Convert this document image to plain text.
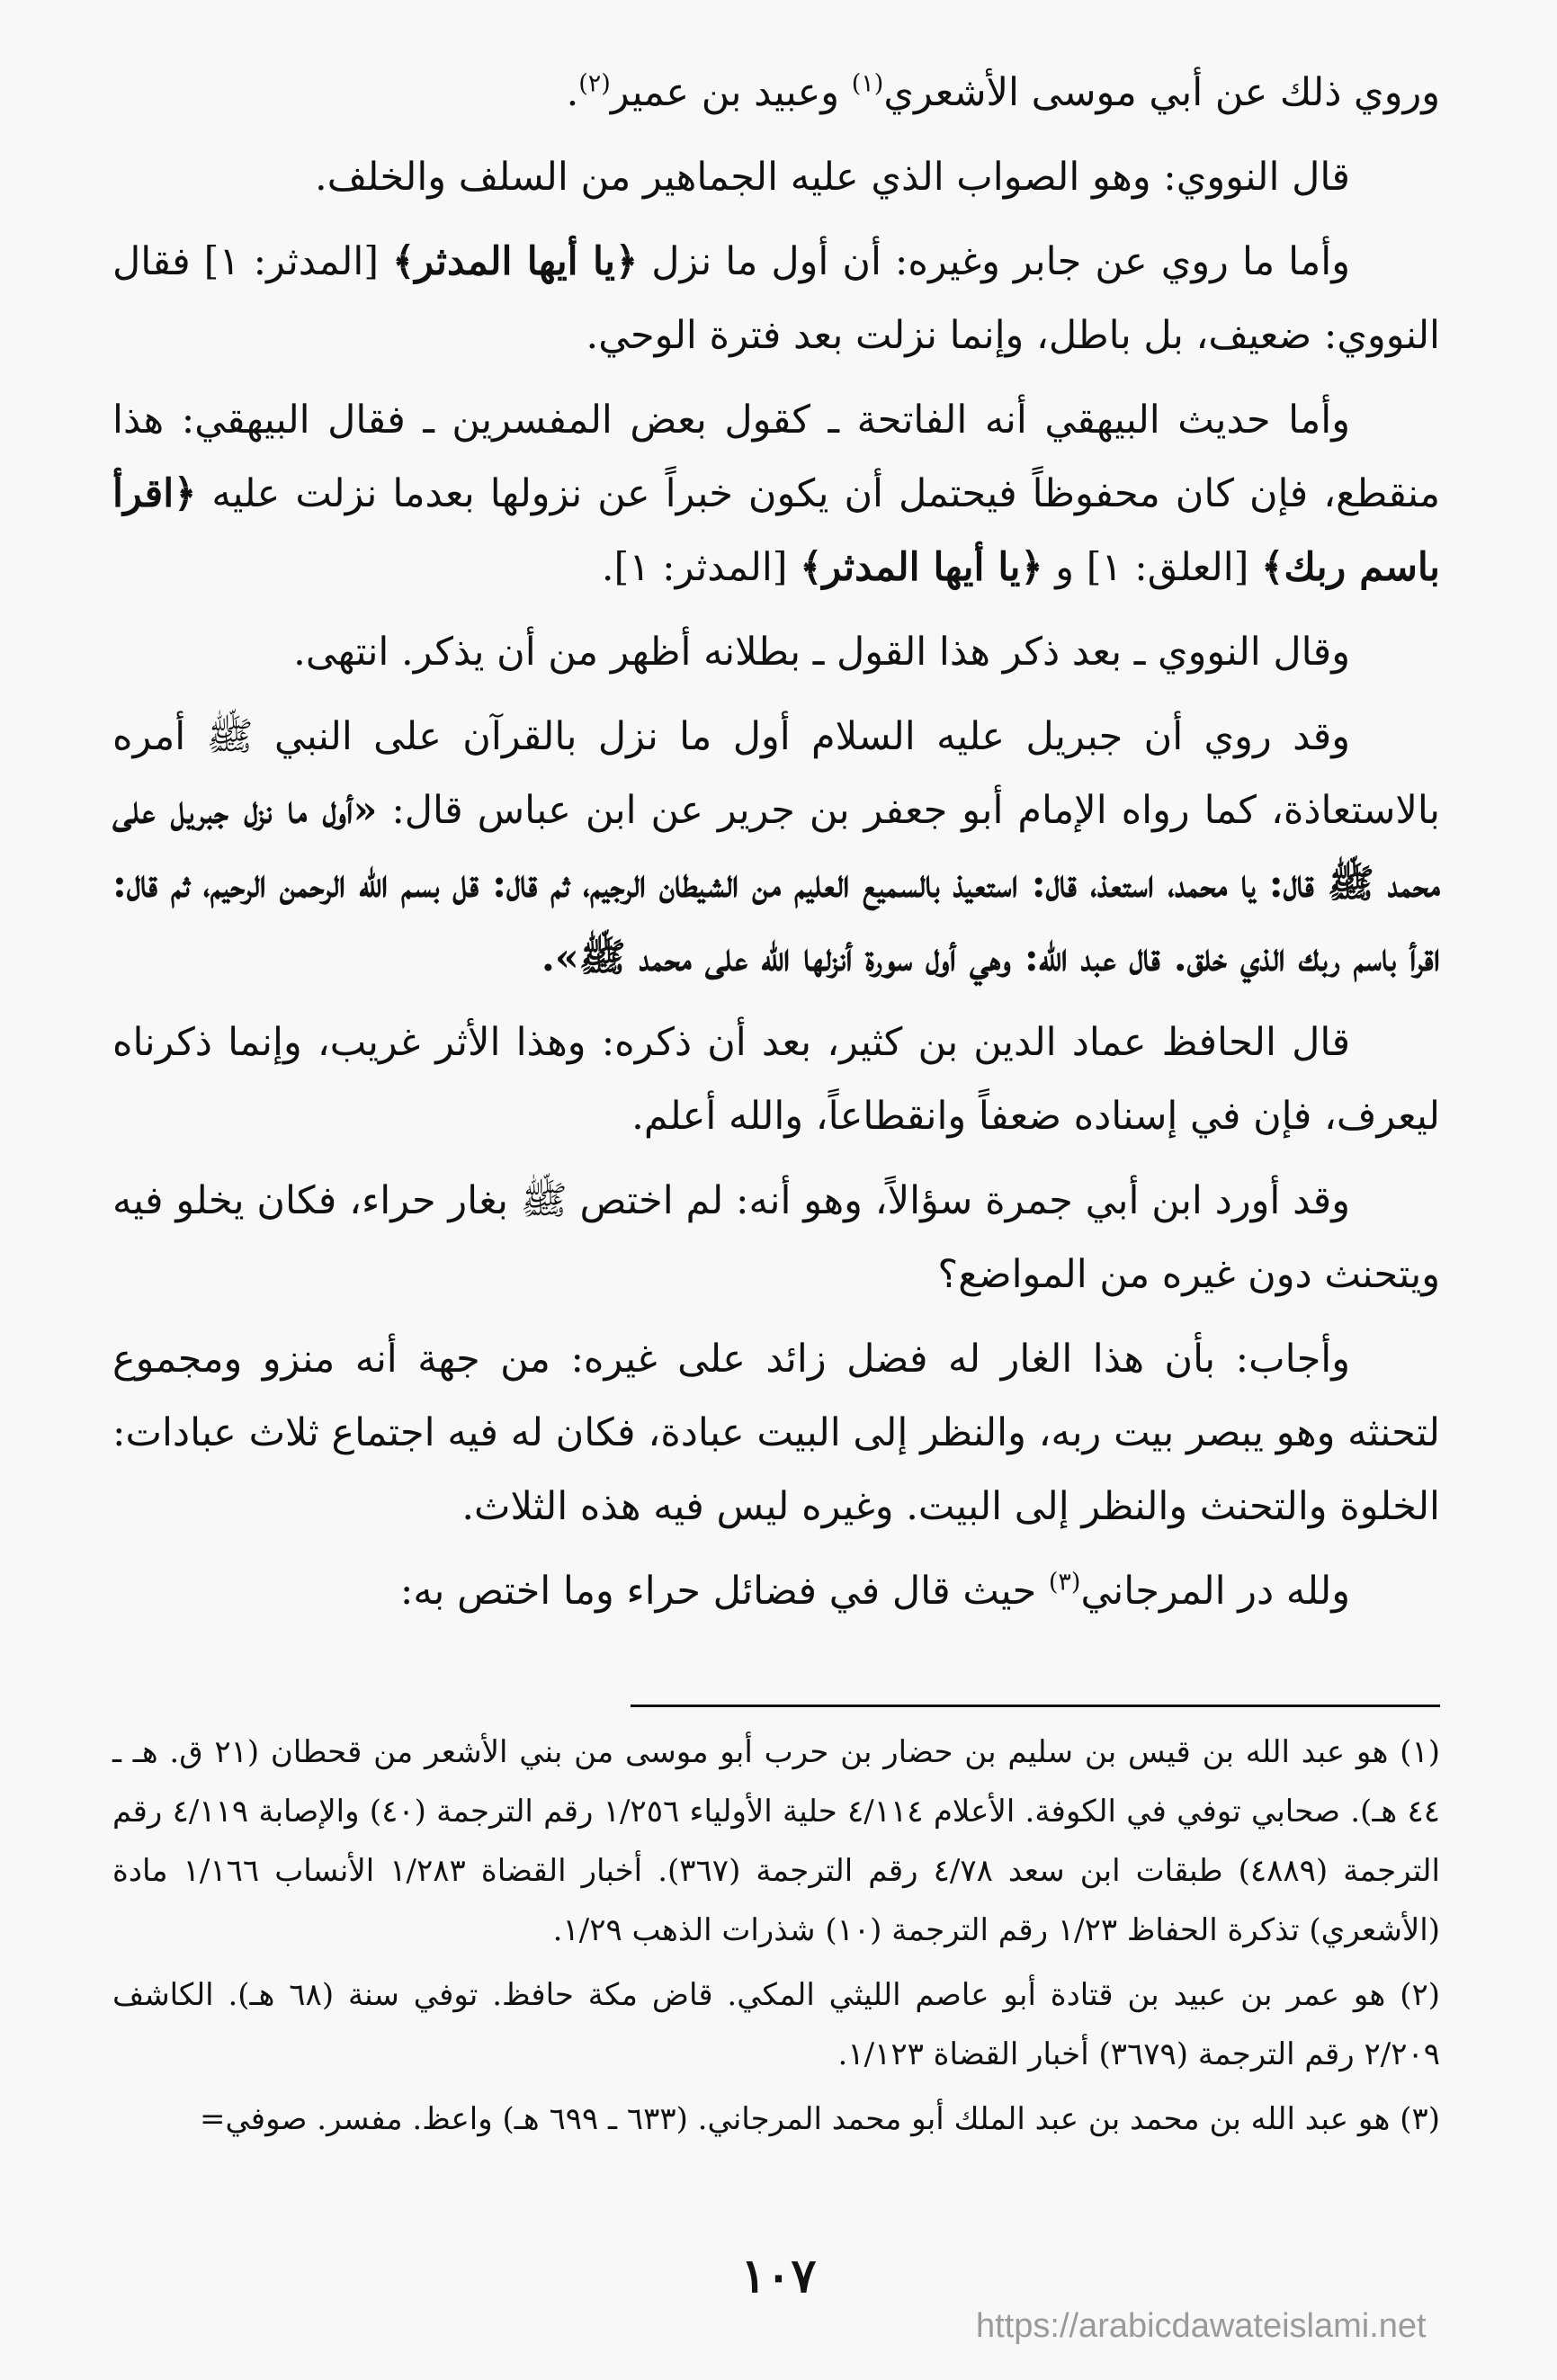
وروي ذلك عن أبي موسى الأشعري$^{(١)}$ وعبيد بن عمير$^{(٢)}$.

قال النووي: وهو الصواب الذي عليه الجماهير من السلف والخلف.

وأما ما روي عن جابر وغيره: أن أول ما نزل ﴿يا أيها المدثر﴾ [المدثر: ١] فقال النووي: ضعيف، بل باطل، وإنما نزلت بعد فترة الوحي.

وأما حديث البيهقي أنه الفاتحة ـ كقول بعض المفسرين ـ فقال البيهقي: هذا منقطع، فإن كان محفوظاً فيحتمل أن يكون خبراً عن نزولها بعدما نزلت عليه ﴿اقرأ باسم ربك﴾ [العلق: ١] و ﴿يا أيها المدثر﴾ [المدثر: ١].

وقال النووي ـ بعد ذكر هذا القول ـ بطلانه أظهر من أن يذكر. انتهى.

وقد روي أن جبريل عليه السلام أول ما نزل بالقرآن على النبي ﷺ أمره بالاستعاذة، كما رواه الإمام أبو جعفر بن جرير عن ابن عباس قال: «أول ما نزل جبريل على محمد ﷺ قال: يا محمد، استعذ، قال: استعيذ بالسميع العليم من الشيطان الرجيم، ثم قال: قل بسم الله الرحمن الرحيم، ثم قال: اقرأ باسم ربك الذي خلق. قال عبد الله: وهي أول سورة أنزلها الله على محمد ﷺ».

قال الحافظ عماد الدين بن كثير، بعد أن ذكره: وهذا الأثر غريب، وإنما ذكرناه ليعرف، فإن في إسناده ضعفاً وانقطاعاً، والله أعلم.

وقد أورد ابن أبي جمرة سؤالاً، وهو أنه: لم اختص ﷺ بغار حراء، فكان يخلو فيه ويتحنث دون غيره من المواضع؟

وأجاب: بأن هذا الغار له فضل زائد على غيره: من جهة أنه منزو ومجموع لتحنثه وهو يبصر بيت ربه، والنظر إلى البيت عبادة، فكان له فيه اجتماع ثلاث عبادات: الخلوة والتحنث والنظر إلى البيت. وغيره ليس فيه هذه الثلاث.

ولله در المرجاني$^{(٣)}$ حيث قال في فضائل حراء وما اختص به:

(١) هو عبد الله بن قيس بن سليم بن حضار بن حرب أبو موسى من بني الأشعر من قحطان (٢١ ق. هـ ـ ٤٤ هـ). صحابي توفي في الكوفة. الأعلام ٤/١١٤ حلية الأولياء ١/٢٥٦ رقم الترجمة (٤٠) والإصابة ٤/١١٩ رقم الترجمة (٤٨٨٩) طبقات ابن سعد ٤/٧٨ رقم الترجمة (٣٦٧). أخبار القضاة ١/٢٨٣ الأنساب ١/١٦٦ مادة (الأشعري) تذكرة الحفاظ ١/٢٣ رقم الترجمة (١٠) شذرات الذهب ١/٢٩.

(٢) هو عمر بن عبيد بن قتادة أبو عاصم الليثي المكي. قاض مكة حافظ. توفي سنة (٦٨ هـ). الكاشف ٢/٢٠٩ رقم الترجمة (٣٦٧٩) أخبار القضاة ١/١٢٣.

(٣) هو عبد الله بن محمد بن عبد الملك أبو محمد المرجاني. (٦٣٣ ـ ٦٩٩ هـ) واعظ. مفسر. صوفي=

١٠٧
https://arabicdawateislami.net
